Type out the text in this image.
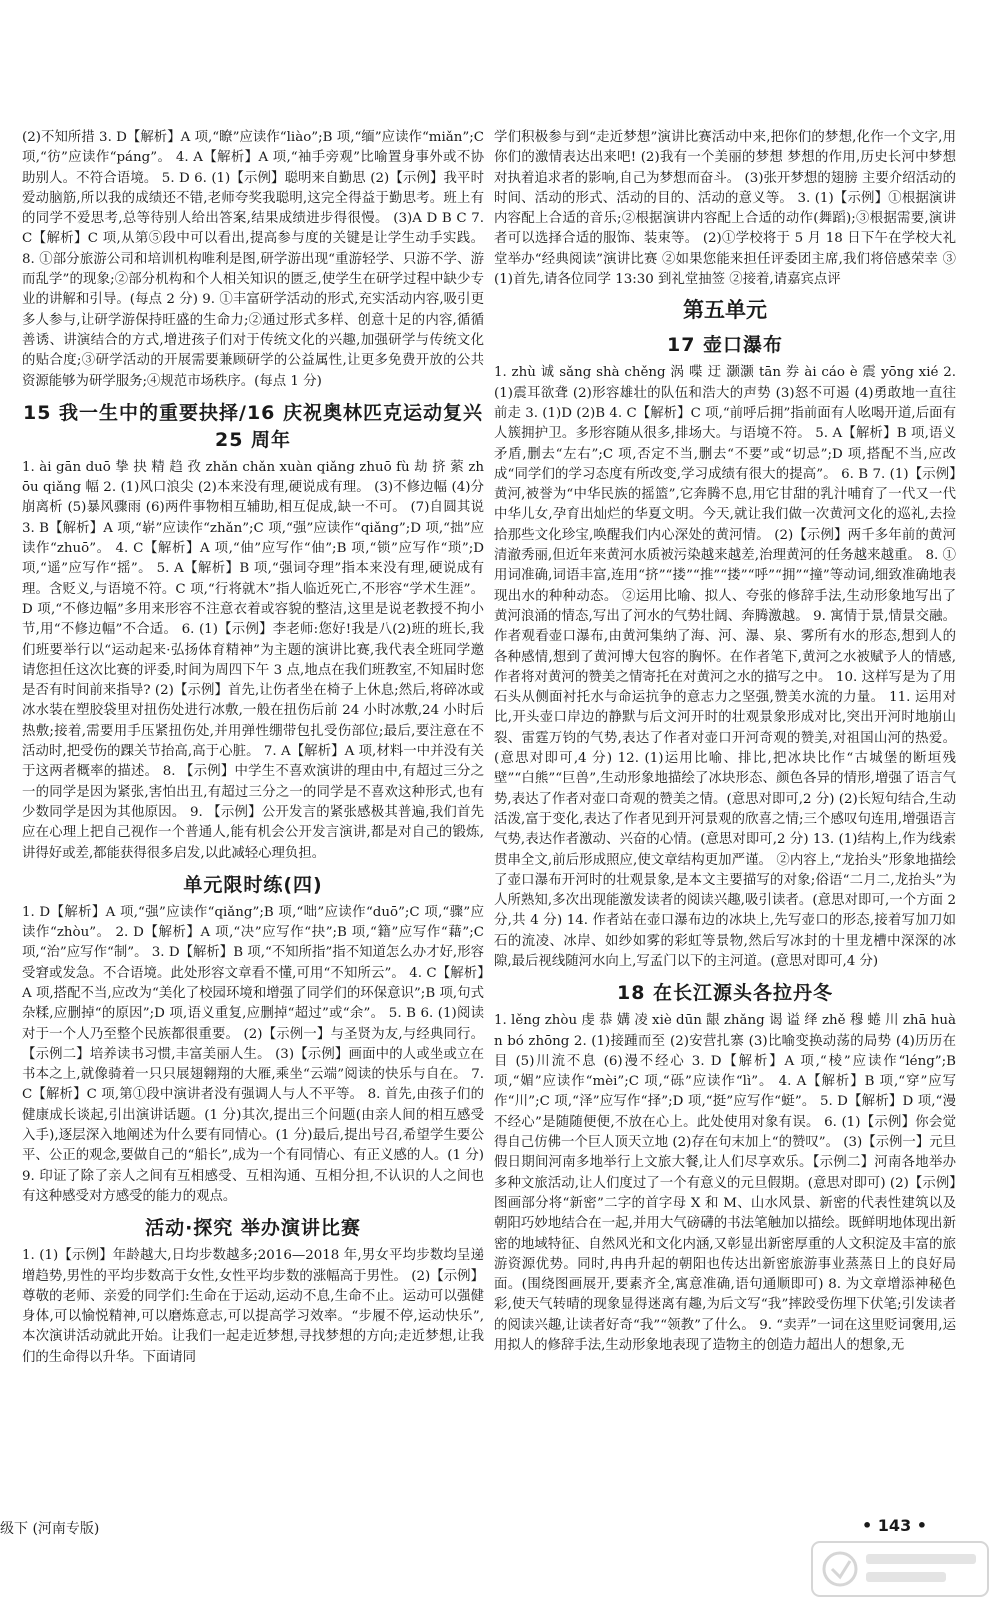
(2)不知所措 3. D【解析】A 项,“瞭”应读作“liào”;B 项,“缅”应读作“miǎn”;C 项,“彷”应读作“páng”。 4. A【解析】A 项,“袖手旁观”比喻置身事外或不协助别人。不符合语境。 5. D 6. (1)【示例】聪明来自勤思 (2)【示例】我平时爱动脑筋,所以我的成绩还不错,老师夸奖我聪明,这完全得益于勤思考。班上有的同学不爱思考,总等待别人给出答案,结果成绩进步得很慢。 (3)A D B C 7. C【解析】C 项,从第⑤段中可以看出,提高参与度的关键是让学生动手实践。 8. ①部分旅游公司和培训机构唯利是图,研学游出现“重游轻学、只游不学、游而乱学”的现象;②部分机构和个人相关知识的匮乏,使学生在研学过程中缺少专业的讲解和引导。(每点 2 分) 9. ①丰富研学活动的形式,充实活动内容,吸引更多人参与,让研学游保持旺盛的生命力;②通过形式多样、创意十足的内容,循循善诱、讲演结合的方式,增进孩子们对于传统文化的兴趣,加强研学与传统文化的贴合度;③研学活动的开展需要兼顾研学的公益属性,让更多免费开放的公共资源能够为研学服务;④规范市场秩序。(每点 1 分)

15 我一生中的重要抉择/16 庆祝奥林匹克运动复兴 25 周年

1. ài gān duō 挚 抉 精 趋 孜 zhǎn chǎn xuàn qiǎng zhuō fù 劫 挤 萦 zhōu qiǎng 幅 2. (1)风口浪尖 (2)本来没有理,硬说成有理。 (3)不修边幅 (4)分崩离析 (5)暴风骤雨 (6)两件事物相互辅助,相互促成,缺一不可。 (7)自圆其说 3. B【解析】A 项,“崭”应读作“zhǎn”;C 项,“强”应读作“qiǎng”;D 项,“拙”应读作“zhuō”。 4. C【解析】A 项,“伷”应写作“伷”;B 项,“锁”应写作“琐”;D 项,“遥”应写作“摇”。 5. A【解析】B 项,“强词夺理”指本来没有理,硬说成有理。含贬义,与语境不符。C 项,“行将就木”指人临近死亡,不形容“学术生涯”。D 项,“不修边幅”多用来形容不注意衣着或容貌的整洁,这里是说老教授不拘小节,用“不修边幅”不合适。 6. (1)【示例】李老师:您好!我是八(2)班的班长,我们班要举行以“运动起来·弘扬体育精神”为主题的演讲比赛,我代表全班同学邀请您担任这次比赛的评委,时间为周四下午 3 点,地点在我们班教室,不知届时您是否有时间前来指导? (2)【示例】首先,让伤者坐在椅子上休息;然后,将碎冰或冰水装在塑胶袋里对扭伤处进行冰敷,一般在扭伤后前 24 小时冰敷,24 小时后热敷;接着,需要用手压紧扭伤处,并用弹性绷带包扎受伤部位;最后,要注意在不活动时,把受伤的踝关节抬高,高于心脏。 7. A【解析】A 项,材料一中并没有关于这两者概率的描述。 8. 【示例】中学生不喜欢演讲的理由中,有超过三分之一的同学是因为紧张,害怕出丑,有超过三分之一的同学是不喜欢这种形式,也有少数同学是因为其他原因。 9. 【示例】公开发言的紧张感极其普遍,我们首先应在心理上把自己视作一个普通人,能有机会公开发言演讲,都是对自己的锻炼,讲得好或差,都能获得很多启发,以此减轻心理负担。

单元限时练(四)

1. D【解析】A 项,“强”应读作“qiǎng”;B 项,“咄”应读作“duō”;C 项,“骤”应读作“zhòu”。 2. D【解析】A 项,“决”应写作“抉”;B 项,“籍”应写作“藉”;C 项,“治”应写作“制”。 3. D【解析】B 项,“不知所指”指不知道怎么办才好,形容受窘或发急。不合语境。此处形容文章看不懂,可用“不知所云”。 4. C【解析】A 项,搭配不当,应改为“美化了校园环境和增强了同学们的环保意识”;B 项,句式杂糅,应删掉“的原因”;D 项,语义重复,应删掉“超过”或“余”。 5. B 6. (1)阅读对于一个人乃至整个民族都很重要。 (2)【示例一】与圣贤为友,与经典同行。【示例二】培养读书习惯,丰富美丽人生。 (3)【示例】画面中的人或坐或立在书本之上,就像骑着一只只展翅翱翔的大雁,乘坐“云端”阅读的快乐与自在。 7. C【解析】C 项,第①段中演讲者没有强调人与人不平等。 8. 首先,由孩子们的健康成长谈起,引出演讲话题。(1 分)其次,提出三个问题(由亲人间的相互感受入手),逐层深入地阐述为什么要有同情心。(1 分)最后,提出号召,希望学生要公平、公正的观念,要做自己的“船长”,成为一个有同情心、有正义感的人。(1 分) 9. 印证了除了亲人之间有互相感受、互相沟通、互相分担,不认识的人之间也有这种感受对方感受的能力的观点。

活动·探究 举办演讲比赛

1. (1)【示例】年龄越大,日均步数越多;2016—2018 年,男女平均步数均呈递增趋势,男性的平均步数高于女性,女性平均步数的涨幅高于男性。 (2)【示例】尊敬的老师、亲爱的同学们:生命在于运动,运动不息,生命不止。运动可以强健身体,可以愉悦精神,可以磨炼意志,可以提高学习效率。“步履不停,运动快乐”,本次演讲活动就此开始。让我们一起走近梦想,寻找梦想的方向;走近梦想,让我们的生命得以升华。下面请同

学们积极参与到“走近梦想”演讲比赛活动中来,把你们的梦想,化作一个文字,用你们的激情表达出来吧! (2)我有一个美丽的梦想 梦想的作用,历史长河中梦想对执着追求者的影响,自己为梦想而奋斗。 (3)张开梦想的翅膀 主要介绍活动的时间、活动的形式、活动的目的、活动的意义等。 3. (1)【示例】①根据演讲内容配上合适的音乐;②根据演讲内容配上合适的动作(舞蹈);③根据需要,演讲者可以选择合适的服饰、装束等。 (2)①学校将于 5 月 18 日下午在学校大礼堂举办“经典阅读”演讲比赛 ②如果您能来担任评委团主席,我们将倍感荣幸 ③(1)首先,请各位同学 13:30 到礼堂抽签 ②接着,请嘉宾点评

第五单元
17 壶口瀑布

1. zhù 诚 sǎng shà chěng 涡 喋 迂 灏灏 tān 券 ài cáo è 震 yōng xié 2. (1)震耳欲聋 (2)形容雄壮的队伍和浩大的声势 (3)怒不可遏 (4)勇敢地一直往前走 3. (1)D (2)B 4. C【解析】C 项,“前呼后拥”指前面有人吆喝开道,后面有人簇拥护卫。多形容随从很多,排场大。与语境不符。 5. A【解析】B 项,语义矛盾,删去“左右”;C 项,否定不当,删去“不要”或“切忌”;D 项,搭配不当,应改成“同学们的学习态度有所改变,学习成绩有很大的提高”。 6. B 7. (1)【示例】黄河,被誉为“中华民族的摇篮”,它奔腾不息,用它甘甜的乳汁哺育了一代又一代中华儿女,孕育出灿烂的华夏文明。今天,就让我们做一次黄河文化的巡礼,去捡拾那些文化珍宝,唤醒我们内心深处的黄河情。 (2)【示例】两千多年前的黄河清澈秀丽,但近年来黄河水质被污染越来越差,治理黄河的任务越来越重。 8. ①用词准确,词语丰富,连用“挤”“搂”“推”“搂”“呼”“拥”“撞”等动词,细致准确地表现出水的种种动态。 ②运用比喻、拟人、夸张的修辞手法,生动形象地写出了黄河浪涌的情态,写出了河水的气势壮阔、奔腾激越。 9. 寓情于景,情景交融。作者观看壶口瀑布,由黄河集纳了海、河、瀑、泉、雾所有水的形态,想到人的各种感情,想到了黄河博大包容的胸怀。在作者笔下,黄河之水被赋予人的情感,作者将对黄河的赞美之情寄托在对黄河之水的描写之中。 10. 这样写是为了用石头从侧面衬托水与命运抗争的意志力之坚强,赞美水流的力量。 11. 运用对比,开头壶口岸边的静默与后文河开时的壮观景象形成对比,突出开河时地崩山裂、雷霆万钧的气势,表达了作者对壶口开河奇观的赞美,对祖国山河的热爱。(意思对即可,4 分) 12. (1)运用比喻、排比,把冰块比作“古城堡的断垣残壁”“白熊”“巨兽”,生动形象地描绘了冰块形态、颜色各异的情形,增强了语言气势,表达了作者对壶口奇观的赞美之情。(意思对即可,2 分) (2)长短句结合,生动活泼,富于变化,表达了作者见到开河景观的欣喜之情;三个感叹句连用,增强语言气势,表达作者激动、兴奋的心情。(意思对即可,2 分) 13. (1)结构上,作为线索贯串全文,前后形成照应,使文章结构更加严谨。 ②内容上,“龙抬头”形象地描绘了壶口瀑布开河时的壮观景象,是本文主要描写的对象;俗语“二月二,龙抬头”为人所熟知,多次出现能激发读者的阅读兴趣,吸引读者。(意思对即可,一个方面 2 分,共 4 分) 14. 作者站在壶口瀑布边的冰块上,先写壶口的形态,接着写加刀如石的流凌、冰岸、如纱如雾的彩虹等景物,然后写冰封的十里龙槽中深深的冰隙,最后视线随河水向上,写孟门以下的主河道。(意思对即可,4 分)

18 在长江源头各拉丹冬

1. lěng zhòu 虔 恭 媾 凌 xiè dūn 龈 zhǎng 谒 谥 绎 zhě 穆 蜷 川 zhā huàn bó zhōng 2. (1)接踵而至 (2)安营扎寨 (3)比喻变换动荡的局势 (4)历历在目 (5)川流不息 (6)漫不经心 3. D【解析】A 项,“棱”应读作“léng”;B 项,“媚”应读作“mèi”;C 项,“砾”应读作“lì”。 4. A【解析】B 项,“穿”应写作“川”;C 项,“泽”应写作“择”;D 项,“挺”应写作“蜓”。 5. D【解析】D 项,“漫不经心”是随随便便,不放在心上。此处使用对象有误。 6. (1)【示例】你会觉得自己仿佛一个巨人顶天立地 (2)存在句末加上“的赞叹”。 (3)【示例一】元旦假日期间河南多地举行上文旅大餐,让人们尽享欢乐。【示例二】河南各地举办多种文旅活动,让人们度过了一个有意义的元旦假期。(意思对即可) (2)【示例】图画部分将“新密”二字的首字母 X 和 M、山水风景、新密的代表性建筑以及朝阳巧妙地结合在一起,并用大气磅礴的书法笔触加以描绘。既鲜明地体现出新密的地域特征、自然风光和文化内涵,又彰显出新密厚重的人文积淀及丰富的旅游资源优势。同时,冉冉升起的朝阳也传达出新密旅游事业蒸蒸日上的良好局面。(围绕图画展开,要素齐全,寓意准确,语句通顺即可) 8. 为文章增添神秘色彩,使天气转晴的现象显得迷离有趣,为后文写“我”摔跤受伤埋下伏笔;引发读者的阅读兴趣,让读者好奇“我”“领教”了什么。 9. “卖弄”一词在这里贬词褒用,运用拟人的修辞手法,生动形象地表现了造物主的创造力超出人的想象,无

级下 (河南专版)	• 143 •
